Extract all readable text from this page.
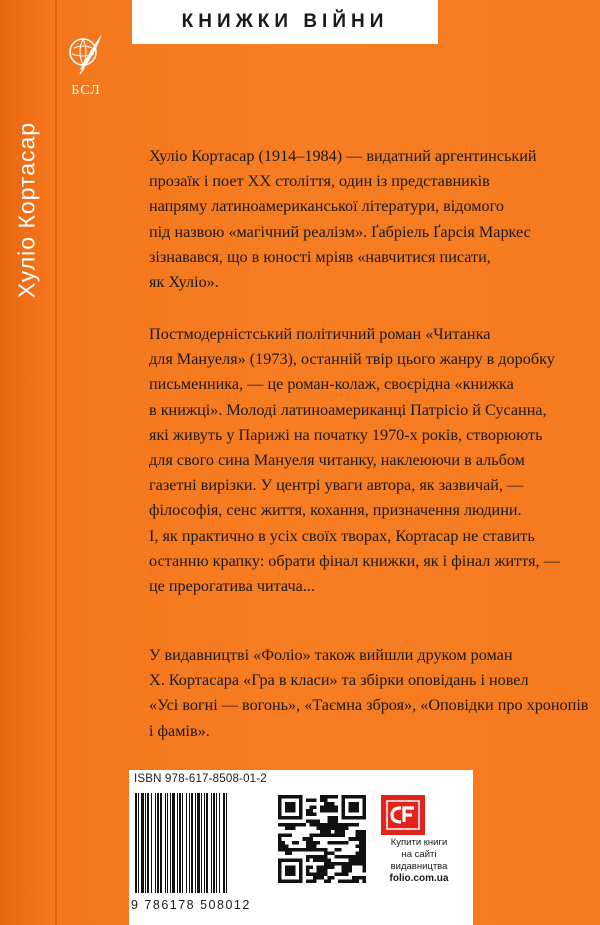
Хуліо Кортасар
КНИЖКИ ВІЙНИ
БСЛ
Хуліо Кортасар (1914–1984) — видатний аргентинський
прозаїк і поет XX століття, один із представників
напряму латиноамериканської літератури, відомого
під назвою «магічний реалізм». Ґабріель Ґарсія Маркес
зізнавався, що в юності мріяв «навчитися писати,
як Хуліо».
Постмодерністський політичний роман «Читанка
для Мануеля» (1973), останній твір цього жанру в доробку
письменника, — це роман-колаж, своєрідна «книжка
в книжці». Молоді латиноамериканці Патрісіо й Сусанна,
які живуть у Парижі на початку 1970-х років, створюють
для свого сина Мануеля читанку, наклеюючи в альбом
газетні вирізки. У центрі уваги автора, як зазвичай, —
філософія, сенс життя, кохання, призначення людини.
І, як практично в усіх своїх творах, Кортасар не ставить
останню крапку: обрати фінал книжки, як і фінал життя, —
це прерогатива читача...
У видавництві «Фоліо» також вийшли друком роман
Х. Кортасара «Гра в класи» та збірки оповідань і новел
«Усі вогні — вогонь», «Таємна зброя», «Оповідки про хронопів
і фамів».
ISBN 978-617-8508-01-2
9 786178 508012
Купити книги
на сайті
видавництва
folio.com.ua
